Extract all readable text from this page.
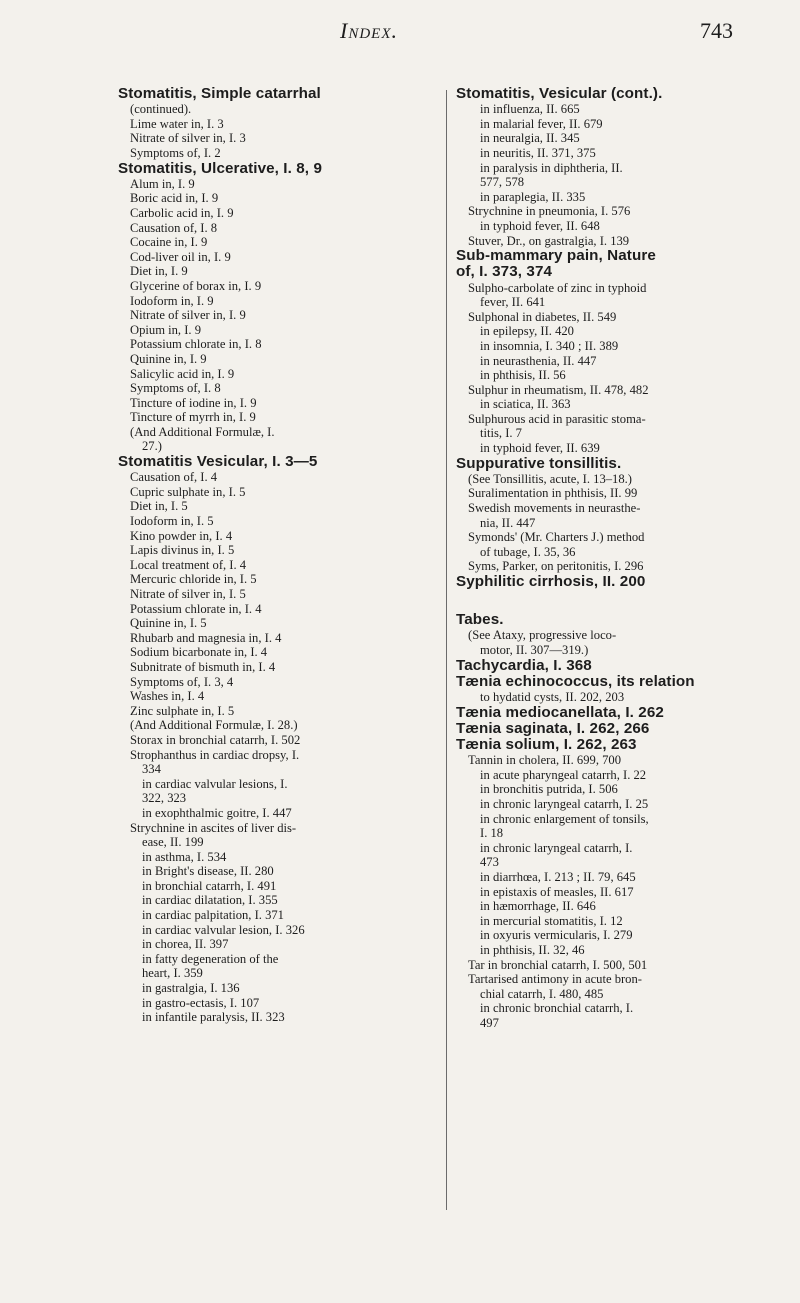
Index.	743
Stomatitis, Simple catarrhal
(continued).
Lime water in, I. 3
Nitrate of silver in, I. 3
Symptoms of, I. 2
Stomatitis, Ulcerative, I. 8, 9
Alum in, I. 9
Boric acid in, I. 9
Carbolic acid in, I. 9
Causation of, I. 8
Cocaine in, I. 9
Cod-liver oil in, I. 9
Diet in, I. 9
Glycerine of borax in, I. 9
Iodoform in, I. 9
Nitrate of silver in, I. 9
Opium in, I. 9
Potassium chlorate in, I. 8
Quinine in, I. 9
Salicylic acid in, I. 9
Symptoms of, I. 8
Tincture of iodine in, I. 9
Tincture of myrrh in, I. 9
(And Additional Formulæ, I.
27.)
Stomatitis Vesicular, I. 3—5
Causation of, I. 4
Cupric sulphate in, I. 5
Diet in, I. 5
Iodoform in, I. 5
Kino powder in, I. 4
Lapis divinus in, I. 5
Local treatment of, I. 4
Mercuric chloride in, I. 5
Nitrate of silver in, I. 5
Potassium chlorate in, I. 4
Quinine in, I. 5
Rhubarb and magnesia in, I. 4
Sodium bicarbonate in, I. 4
Subnitrate of bismuth in, I. 4
Symptoms of, I. 3, 4
Washes in, I. 4
Zinc sulphate in, I. 5
(And Additional Formulæ, I. 28.)
Storax in bronchial catarrh, I. 502
Strophanthus in cardiac dropsy, I.
334
in cardiac valvular lesions, I.
322, 323
in exophthalmic goitre, I. 447
Strychnine in ascites of liver dis-
ease, II. 199
in asthma, I. 534
in Bright's disease, II. 280
in bronchial catarrh, I. 491
in cardiac dilatation, I. 355
in cardiac palpitation, I. 371
in cardiac valvular lesion, I. 326
in chorea, II. 397
in fatty degeneration of the
heart, I. 359
in gastralgia, I. 136
in gastro-ectasis, I. 107
in infantile paralysis, II. 323
Stomatitis, Vesicular (cont.).
in influenza, II. 665
in malarial fever, II. 679
in neuralgia, II. 345
in neuritis, II. 371, 375
in paralysis in diphtheria, II.
577, 578
in paraplegia, II. 335
Strychnine in pneumonia, I. 576
in typhoid fever, II. 648
Stuver, Dr., on gastralgia, I. 139
Sub-mammary pain, Nature
of, I. 373, 374
Sulpho-carbolate of zinc in typhoid
fever, II. 641
Sulphonal in diabetes, II. 549
in epilepsy, II. 420
in insomnia, I. 340 ; II. 389
in neurasthenia, II. 447
in phthisis, II. 56
Sulphur in rheumatism, II. 478, 482
in sciatica, II. 363
Sulphurous acid in parasitic stoma-
titis, I. 7
in typhoid fever, II. 639
Suppurative tonsillitis.
(See Tonsillitis, acute, I. 13–18.)
Suralimentation in phthisis, II. 99
Swedish movements in neurasthe-
nia, II. 447
Symonds' (Mr. Charters J.) method
of tubage, I. 35, 36
Syms, Parker, on peritonitis, I. 296
Syphilitic cirrhosis, II. 200
Tabes.
(See Ataxy, progressive loco-
motor, II. 307—319.)
Tachycardia, I. 368
Tænia echinococcus, its relation
to hydatid cysts, II. 202, 203
Tænia mediocanellata, I. 262
Tænia saginata, I. 262, 266
Tænia solium, I. 262, 263
Tannin in cholera, II. 699, 700
in acute pharyngeal catarrh, I. 22
in bronchitis putrida, I. 506
in chronic laryngeal catarrh, I. 25
in chronic enlargement of tonsils,
I. 18
in chronic laryngeal catarrh, I.
473
in diarrhœa, I. 213 ; II. 79, 645
in epistaxis of measles, II. 617
in hæmorrhage, II. 646
in mercurial stomatitis, I. 12
in oxyuris vermicularis, I. 279
in phthisis, II. 32, 46
Tar in bronchial catarrh, I. 500, 501
Tartarised antimony in acute bron-
chial catarrh, I. 480, 485
in chronic bronchial catarrh, I.
497
